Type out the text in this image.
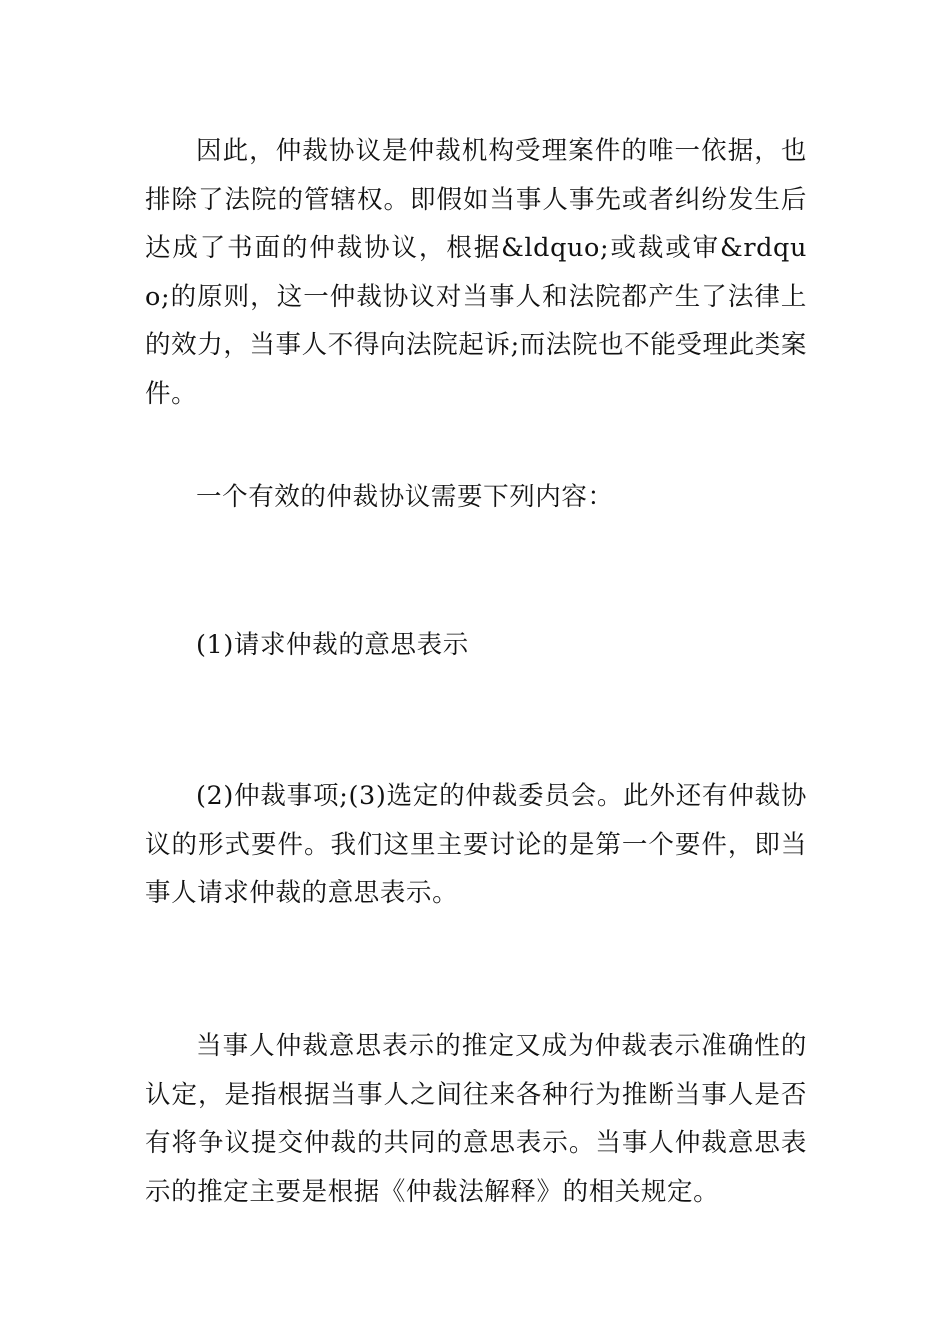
因此，仲裁协议是仲裁机构受理案件的唯一依据，也排除了法院的管辖权。即假如当事人事先或者纠纷发生后达成了书面的仲裁协议，根据&ldquo;或裁或审&rdquo;的原则，这一仲裁协议对当事人和法院都产生了法律上的效力，当事人不得向法院起诉;而法院也不能受理此类案件。

一个有效的仲裁协议需要下列内容：

(1)请求仲裁的意思表示

(2)仲裁事项;(3)选定的仲裁委员会。此外还有仲裁协议的形式要件。我们这里主要讨论的是第一个要件，即当事人请求仲裁的意思表示。

当事人仲裁意思表示的推定又成为仲裁表示准确性的认定，是指根据当事人之间往来各种行为推断当事人是否有将争议提交仲裁的共同的意思表示。当事人仲裁意思表示的推定主要是根据《仲裁法解释》的相关规定。
